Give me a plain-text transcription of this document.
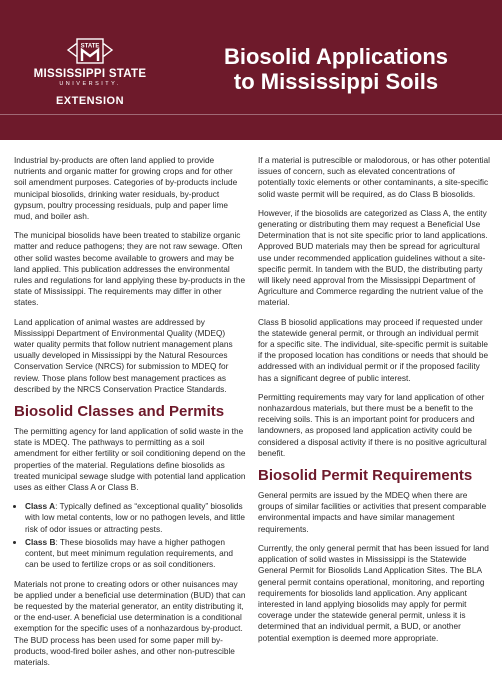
STATE
MISSISSIPPI STATE
UNIVERSITY.
EXTENSION
Biosolid Applications
to Mississippi Soils

Industrial by-products are often land applied to provide nutrients and organic matter for growing crops and for other soil amendment purposes. Categories of by-products include municipal biosolids, drinking water residuals, by-product gypsum, poultry processing residuals, pulp and paper lime mud, and boiler ash.

The municipal biosolids have been treated to stabilize organic matter and reduce pathogens; they are not raw sewage. Often other solid wastes become available to growers and may be land applied. This publication addresses the environmental rules and regulations for land applying these by-products in the state of Mississippi. The requirements may differ in other states.

Land application of animal wastes are addressed by Mississippi Department of Environmental Quality (MDEQ) water quality permits that follow nutrient management plans usually developed in Mississippi by the Natural Resources Conservation Service (NRCS) for submission to MDEQ for review. Those plans follow best management practices as described by the NRCS Conservation Practice Standards.

Biosolid Classes and Permits

The permitting agency for land application of solid waste in the state is MDEQ. The pathways to permitting as a soil amendment for either fertility or soil conditioning depend on the properties of the material. Regulations define biosolids as treated municipal sewage sludge with potential land application uses as either Class A or Class B.

• Class A: Typically defined as “exceptional quality” biosolids with low metal contents, low or no pathogen levels, and little risk of odor issues or attracting pests.
• Class B: These biosolids may have a higher pathogen content, but meet minimum regulation requirements, and can be used to fertilize crops or as soil conditioners.

Materials not prone to creating odors or other nuisances may be applied under a beneficial use determination (BUD) that can be requested by the material generator, an entity distributing it, or the end-user. A beneficial use determination is a conditional exemption for the specific uses of a nonhazardous by-product. The BUD process has been used for some paper mill by-products, wood-fired boiler ashes, and other non-putrescible materials.

If a material is putrescible or malodorous, or has other potential issues of concern, such as elevated concentrations of potentially toxic elements or other contaminants, a site-specific solid waste permit will be required, as do Class B biosolids.

However, if the biosolids are categorized as Class A, the entity generating or distributing them may request a Beneficial Use Determination that is not site specific prior to land applications. Approved BUD materials may then be spread for agricultural use under recommended application guidelines without a site-specific permit. In tandem with the BUD, the distributing party will likely need approval from the Mississippi Department of Agriculture and Commerce regarding the nutrient value of the material.

Class B biosolid applications may proceed if requested under the statewide general permit, or through an individual permit for a specific site. The individual, site-specific permit is suitable if the proposed location has conditions or needs that should be addressed with an individual permit or if the proposed facility has a significant degree of public interest.

Permitting requirements may vary for land application of other nonhazardous materials, but there must be a benefit to the receiving soils. This is an important point for producers and landowners, as proposed land application activity could be considered a disposal activity if there is no positive agricultural benefit.

Biosolid Permit Requirements

General permits are issued by the MDEQ when there are groups of similar facilities or activities that present comparable environmental impacts and have similar management requirements.

Currently, the only general permit that has been issued for land application of solid wastes in Mississippi is the Statewide General Permit for Biosolids Land Application Sites. The BLA general permit contains operational, monitoring, and reporting requirements for biosolids land application. Any applicant interested in land applying biosolids may apply for permit coverage under the statewide general permit, unless it is determined that an individual permit, a BUD, or another potential exemption is deemed more appropriate.
